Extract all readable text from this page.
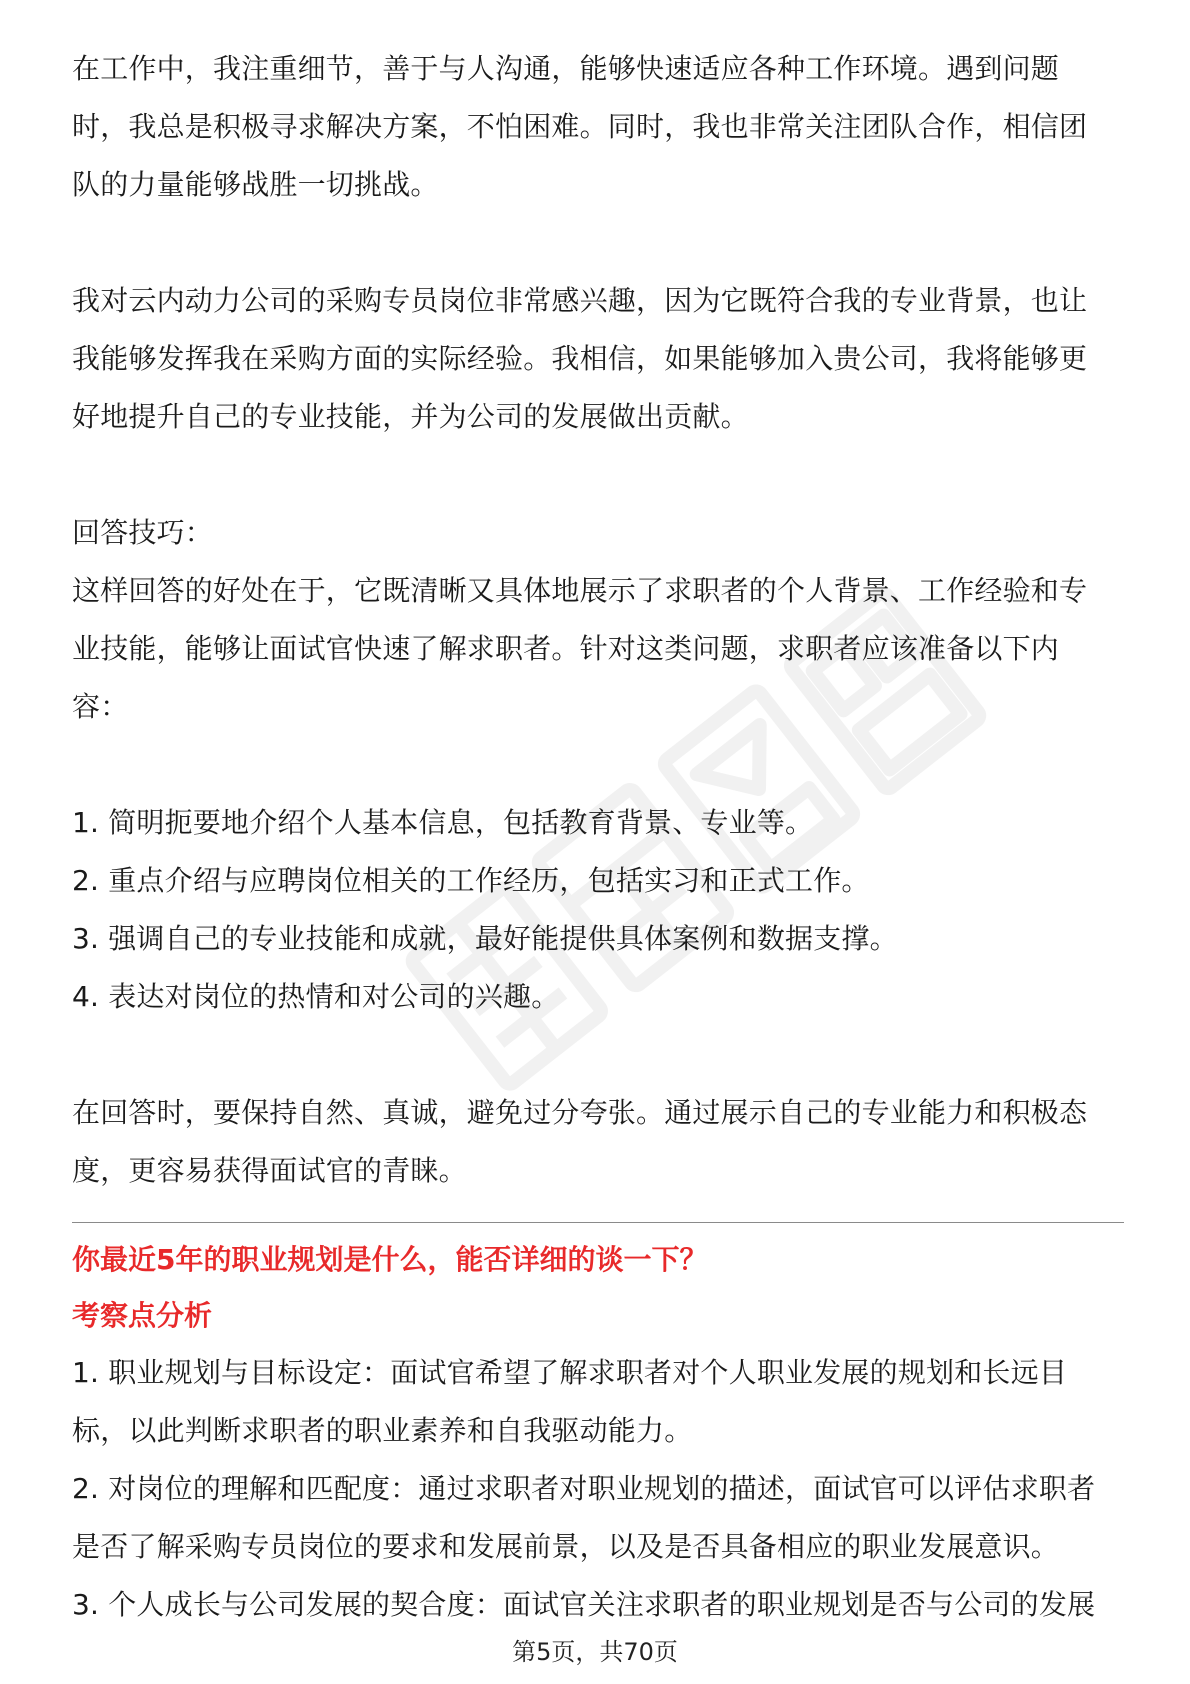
在工作中，我注重细节，善于与人沟通，能够快速适应各种工作环境。遇到问题
时，我总是积极寻求解决方案，不怕困难。同时，我也非常关注团队合作，相信团
队的力量能够战胜一切挑战。
我对云内动力公司的采购专员岗位非常感兴趣，因为它既符合我的专业背景，也让
我能够发挥我在采购方面的实际经验。我相信，如果能够加入贵公司，我将能够更
好地提升自己的专业技能，并为公司的发展做出贡献。
回答技巧：
这样回答的好处在于，它既清晰又具体地展示了求职者的个人背景、工作经验和专
业技能，能够让面试官快速了解求职者。针对这类问题，求职者应该准备以下内
容：
1. 简明扼要地介绍个人基本信息，包括教育背景、专业等。
2. 重点介绍与应聘岗位相关的工作经历，包括实习和正式工作。
3. 强调自己的专业技能和成就，最好能提供具体案例和数据支撑。
4. 表达对岗位的热情和对公司的兴趣。
在回答时，要保持自然、真诚，避免过分夸张。通过展示自己的专业能力和积极态
度，更容易获得面试官的青睐。
你最近5年的职业规划是什么，能否详细的谈一下？
考察点分析
1. 职业规划与目标设定：面试官希望了解求职者对个人职业发展的规划和长远目
标，以此判断求职者的职业素养和自我驱动能力。
2. 对岗位的理解和匹配度：通过求职者对职业规划的描述，面试官可以评估求职者
是否了解采购专员岗位的要求和发展前景，以及是否具备相应的职业发展意识。
3. 个人成长与公司发展的契合度：面试官关注求职者的职业规划是否与公司的发展
第5页，共70页
